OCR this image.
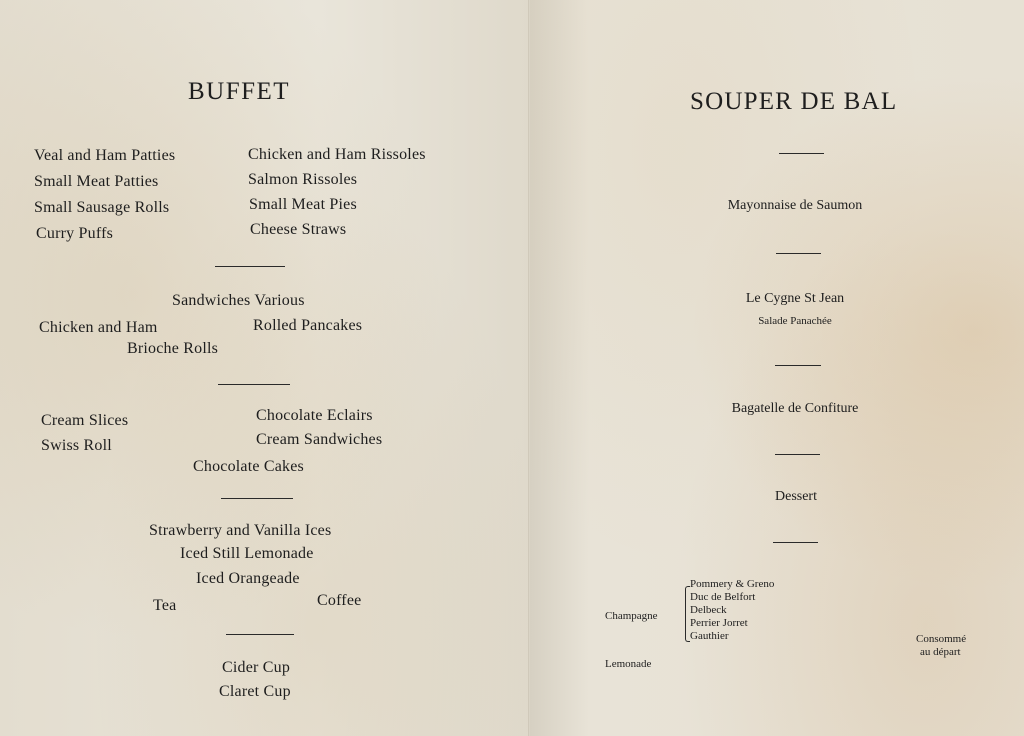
BUFFET
Veal and Ham Patties
Small Meat Patties
Small Sausage Rolls
Curry Puffs
Chicken and Ham Rissoles
Salmon Rissoles
Small Meat Pies
Cheese Straws
Sandwiches Various
Chicken and Ham	Rolled Pancakes
Brioche Rolls
Cream Slices
Swiss Roll
Chocolate Eclairs
Cream Sandwiches
Chocolate Cakes
Strawberry and Vanilla Ices
Iced Still Lemonade
Iced Orangeade
Tea	Coffee
Cider Cup
Claret Cup
SOUPER DE BAL
Mayonnaise de Saumon
Le Cygne St Jean
Salade Panachée
Bagatelle de Confiture
Dessert
Champagne
Pommery & Greno
Duc de Belfort
Delbeck
Perrier Jorret
Gauthier
Lemonade
Consommé
au départ
